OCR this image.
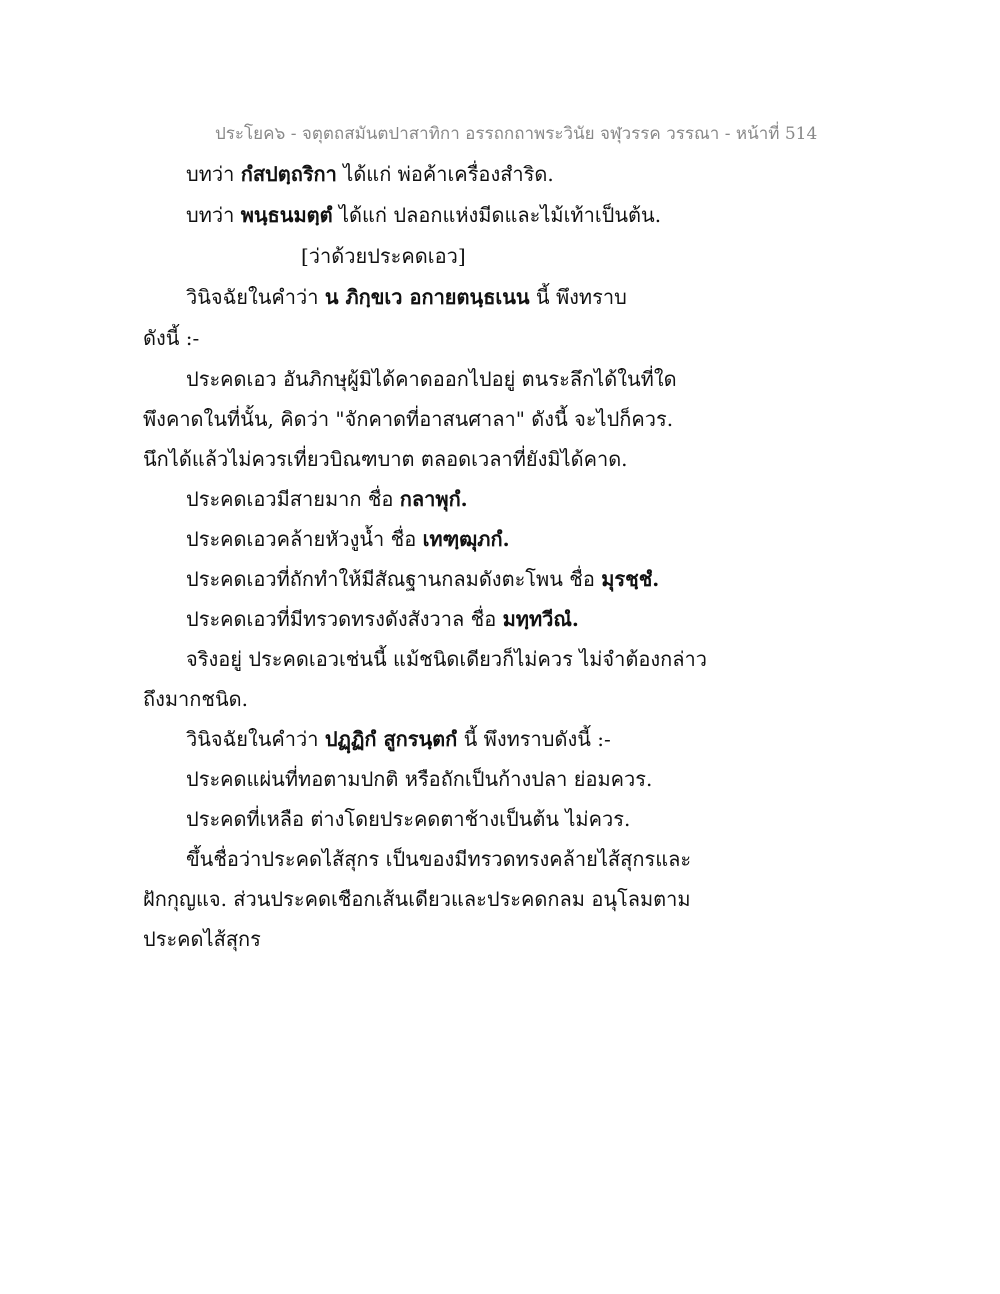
ประโยค๖ - จตุตถสมันตปาสาทิกา อรรถกถาพระวินัย จฬุวรรค วรรณา - หน้าที่ 514
บทว่า กํสปตฺถริกา ได้แก่ พ่อค้าเครื่องสำริด.
บทว่า พนฺธนมตฺตํ ได้แก่ ปลอกแห่งมีดและไม้เท้าเป็นต้น.
[ว่าด้วยประคดเอว]
วินิจฉัยในคำว่า น ภิกฺขเว อกายตนฺธเนน นี้ พึงทราบ
ดังนี้ :-
ประคดเอว อันภิกษุผู้มิได้คาดออกไปอยู่ ตนระลึกได้ในที่ใด
พึงคาดในที่นั้น, คิดว่า "จักคาดที่อาสนศาลา" ดังนี้ จะไปก็ควร.
นึกได้แล้วไม่ควรเที่ยวบิณฑบาต ตลอดเวลาที่ยังมิได้คาด.
ประคดเอวมีสายมาก ชื่อ กลาพุกํ.
ประคดเอวคล้ายหัวงูน้ำ ชื่อ เทฑฺฒุภกํ.
ประคดเอวที่ถักทำให้มีสัณฐานกลมดังตะโพน ชื่อ มุรชฺชํ.
ประคดเอวที่มีทรวดทรงดังสังวาล ชื่อ มทฺทวีณํ.
จริงอยู่ ประคดเอวเช่นนี้ แม้ชนิดเดียวก็ไม่ควร ไม่จำต้องกล่าว
ถึงมากชนิด.
วินิจฉัยในคำว่า ปฏฺฏิกํ สูกรนฺตกํ นี้ พึงทราบดังนี้ :-
ประคดแผ่นที่ทอตามปกติ หรือถักเป็นก้างปลา ย่อมควร.
ประคดที่เหลือ ต่างโดยประคดตาช้างเป็นต้น ไม่ควร.
ขึ้นชื่อว่าประคดไส้สุกร เป็นของมีทรวดทรงคล้ายไส้สุกรและ
ฝักกุญแจ. ส่วนประคดเชือกเส้นเดียวและประคดกลม อนุโลมตาม
ประคดไส้สุกร
